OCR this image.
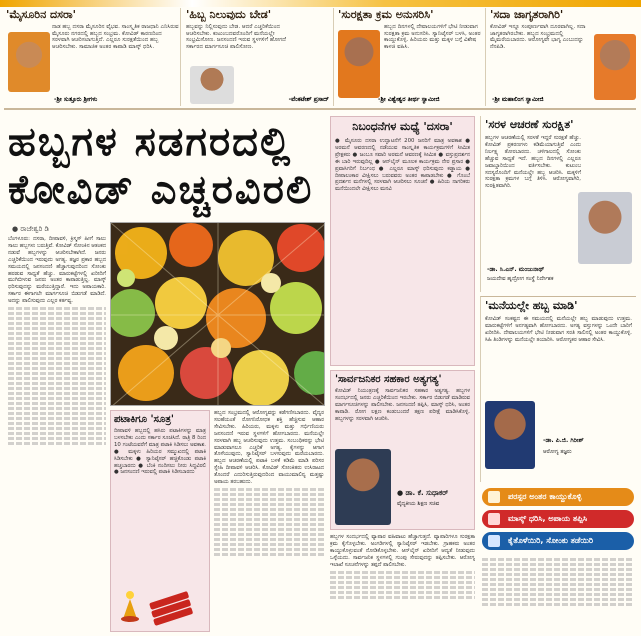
'ಮೈಸೂರಿನ ದಸರಾ'
ನಾಡ ಹಬ್ಬ ದಸರಾ ಮೈಸೂರಿನ ವೈಭವ. ಸಾಂಸ್ಕೃತಿಕ ರಾಜಧಾನಿ ಎನಿಸಿರುವ ಮೈಸೂರು ನಗರದಲ್ಲಿ ಹಬ್ಬದ ಸಂಭ್ರಮ. ಕೋವಿಡ್ ಕಾರಣದಿಂದ ಸರಳವಾಗಿ ಆಚರಿಸಲಾಗುತ್ತಿದೆ. ಎಲ್ಲರೂ ಸುರಕ್ಷತೆಯಿಂದ ಹಬ್ಬ ಆಚರಿಸಬೇಕು. ಸಾಮಾಜಿಕ ಅಂತರ ಕಾಪಾಡಿ ಮಾಸ್ಕ್ ಧರಿಸಿ.
-ಶ್ರೀ ಸುತ್ತೂರು ಶ್ರೀಗಳು
'ಹಿಬ್ಬ ನಿಲುವುದು ಬೇಡ'
ಹಬ್ಬವನ್ನು ನಿಲ್ಲಿಸುವುದು ಬೇಡ. ಆದರೆ ಎಚ್ಚರಿಕೆಯಿಂದ ಆಚರಿಸಬೇಕು. ಕುಟುಂಬದವರೊಂದಿಗೆ ಮನೆಯಲ್ಲೇ ಸಂಭ್ರಮಿಸೋಣ. ಜನಸಂದಣಿ ಇರುವ ಸ್ಥಳಗಳಿಗೆ ಹೋಗದೆ ಸರ್ಕಾರದ ಮಾರ್ಗಸೂಚಿ ಪಾಲಿಸೋಣ.
-ವೆಂಕಟೇಶ್ ಪ್ರಸಾದ್
'ಸುರಕ್ಷತಾ ಕ್ರಮ ಅನುಸರಿಸಿ'
ಹಬ್ಬದ ದಿನಗಳಲ್ಲಿ ದೇವಾಲಯಗಳಿಗೆ ಭೇಟಿ ನೀಡುವಾಗ ಸುರಕ್ಷತಾ ಕ್ರಮ ಅನುಸರಿಸಿ. ಸ್ಯಾನಿಟೈಸರ್ ಬಳಸಿ, ಅಂತರ ಕಾಯ್ದುಕೊಳ್ಳಿ. ಹಿರಿಯರು ಮತ್ತು ಮಕ್ಕಳ ಬಗ್ಗೆ ವಿಶೇಷ ಕಾಳಜಿ ವಹಿಸಿ.
-ಶ್ರೀ ವಿಶ್ವೇಶ್ವರ ತೀರ್ಥ ಸ್ವಾಮೀಜಿ
'ಸದಾ ಜಾಗೃತರಾಗಿರಿ'
ಕೋವಿಡ್ ಇನ್ನೂ ಸಂಪೂರ್ಣವಾಗಿ ದೂರವಾಗಿಲ್ಲ. ಸದಾ ಜಾಗೃತರಾಗಿರಬೇಕು. ಹಬ್ಬದ ಸಂಭ್ರಮದಲ್ಲಿ ಮೈಮರೆಯಬಾರದು. ಆರೋಗ್ಯವೇ ಭಾಗ್ಯ ಎಂಬುದನ್ನು ನೆನಪಿಡಿ.
-ಶ್ರೀ ಮಹಾಲಿಂಗ ಸ್ವಾಮೀಜಿ
ಹಬ್ಬಗಳ ಸಡಗರದಲ್ಲಿ
ಕೋವಿಡ್ ಎಚ್ಚರವಿರಲಿ
● ರಾಜೇಶ್ವರಿ ಡಿ
ಬೆಂಗಳೂರು: ದಸರಾ, ದೀಪಾವಳಿ, ಕ್ರಿಸ್ಮಸ್ ಹೀಗೆ ಸಾಲು ಸಾಲು ಹಬ್ಬಗಳು ಬರುತ್ತಿವೆ. ಕೋವಿಡ್ ಸೋಂಕಿನ ಆತಂಕದ ನಡುವೆ ಹಬ್ಬಗಳನ್ನು ಆಚರಿಸಬೇಕಾಗಿದೆ. ಜನರು ಎಚ್ಚರಿಕೆಯಿಂದ ಇರುವುದು ಅಗತ್ಯ. ತಜ್ಞರ ಪ್ರಕಾರ ಹಬ್ಬದ ಸಮಯದಲ್ಲಿ ಜನಸಂದಣಿ ಹೆಚ್ಚಾಗುವುದರಿಂದ ಸೋಂಕು ಹರಡುವ ಸಾಧ್ಯತೆ ಹೆಚ್ಚು. ಮಾರುಕಟ್ಟೆಗಳಲ್ಲಿ ಖರೀದಿಗೆ ಮುಗಿಬೀಳುವ ಜನರು ಅಂತರ ಕಾಪಾಡುತ್ತಿಲ್ಲ. ಮಾಸ್ಕ್ ಧರಿಸುವುದನ್ನು ಮರೆಯುತ್ತಿದ್ದಾರೆ. ಇದು ಅಪಾಯಕಾರಿ. ಸರ್ಕಾರ ಈಗಾಗಲೇ ಮಾರ್ಗಸೂಚಿ ಬಿಡುಗಡೆ ಮಾಡಿದೆ. ಅದನ್ನು ಪಾಲಿಸುವುದು ಎಲ್ಲರ ಕರ್ತವ್ಯ.
ಪಟಾಕಿಗೂ 'ಸೂತ್ರ'
ದೀಪಾವಳಿ ಹಬ್ಬದಲ್ಲಿ ಹಸಿರು ಪಟಾಕಿಗಳನ್ನು ಮಾತ್ರ ಬಳಸಬೇಕು ಎಂದು ಸರ್ಕಾರ ಸೂಚಿಸಿದೆ. ರಾತ್ರಿ 8 ರಿಂದ 10 ಗಂಟೆಯವರೆಗೆ ಮಾತ್ರ ಪಟಾಕಿ ಸಿಡಿಸಲು ಅವಕಾಶ. ● ಮಕ್ಕಳು ಹಿರಿಯರ ಸಮ್ಮುಖದಲ್ಲಿ ಪಟಾಕಿ ಸಿಡಿಸಬೇಕು ● ಸ್ಯಾನಿಟೈಸರ್ ಹಚ್ಚಿಕೊಂಡು ಪಟಾಕಿ ಹಚ್ಚಬಾರದು ● ಬೆಂಕಿ ನಂದಿಸಲು ನೀರು ಸಿದ್ಧವಿರಲಿ ● ಜನಸಂದಣಿ ಇರುವಲ್ಲಿ ಪಟಾಕಿ ಸಿಡಿಸಬಾರದು
ಹಬ್ಬದ ಸಂಭ್ರಮದಲ್ಲಿ ಆರೋಗ್ಯವನ್ನು ಕಡೆಗಣಿಸಬಾರದು. ವೈದ್ಯರ ಸಲಹೆಯಂತೆ ರೋಗನಿರೋಧಕ ಶಕ್ತಿ ಹೆಚ್ಚಿಸುವ ಆಹಾರ ಸೇವಿಸಬೇಕು. ಹಿರಿಯರು, ಮಕ್ಕಳು ಮತ್ತು ಗರ್ಭಿಣಿಯರು ಜನಸಂದಣಿ ಇರುವ ಸ್ಥಳಗಳಿಗೆ ಹೋಗಬಾರದು. ಮನೆಯಲ್ಲೇ ಸರಳವಾಗಿ ಹಬ್ಬ ಆಚರಿಸುವುದು ಉತ್ತಮ. ಸಂಬಂಧಿಕರನ್ನು ಭೇಟಿ ಮಾಡುವಾಗಲೂ ಎಚ್ಚರಿಕೆ ಅಗತ್ಯ. ಕೈಗಳನ್ನು ಆಗಾಗ ತೊಳೆಯುವುದು, ಸ್ಯಾನಿಟೈಸರ್ ಬಳಸುವುದು ಮರೆಯಬಾರದು. ಹಬ್ಬದ ಆಚರಣೆಯಲ್ಲಿ ಪಟಾಕಿ ಬಳಕೆ ಕಡಿಮೆ ಮಾಡಿ ಪರಿಸರ ಸ್ನೇಹಿ ದೀಪಾವಳಿ ಆಚರಿಸಿ. ಕೋವಿಡ್ ಸೋಂಕಿತರು ಉಸಿರಾಟದ ತೊಂದರೆ ಎದುರಿಸುತ್ತಿರುವುದರಿಂದ ವಾಯುಮಾಲಿನ್ಯ ಮತ್ತಷ್ಟು ಅಪಾಯ ತರಬಹುದು.
ನಿಬಂಧನೆಗಳ ಮಧ್ಯೆ 'ದಸರಾ'
● ಮೈಸೂರು ದಸರಾ ಉದ್ಘಾಟನೆಗೆ 200 ಜನರಿಗೆ ಮಾತ್ರ ಅವಕಾಶ ● ಅರಮನೆ ಆವರಣದಲ್ಲಿ ನಡೆಯುವ ಸಾಂಸ್ಕೃತಿಕ ಕಾರ್ಯಕ್ರಮಗಳಿಗೆ ಸೀಮಿತ ಪ್ರೇಕ್ಷಕರು ● ಜಂಬೂ ಸವಾರಿ ಅರಮನೆ ಆವರಣಕ್ಕೆ ಸೀಮಿತ ● ವಸ್ತುಪ್ರದರ್ಶನ ಈ ಬಾರಿ ಇರುವುದಿಲ್ಲ ● ಆನ್‌ಲೈನ್ ಮೂಲಕ ಕಾರ್ಯಕ್ರಮ ನೇರ ಪ್ರಸಾರ ● ಪ್ರವಾಸಿಗರಿಗೆ ನಿರ್ಬಂಧ ● ಎಲ್ಲರೂ ಮಾಸ್ಕ್ ಧರಿಸುವುದು ಕಡ್ಡಾಯ ● ದೀಪಾಲಂಕಾರ ವೀಕ್ಷಿಸಲು ಬರುವವರು ಅಂತರ ಕಾಪಾಡಬೇಕು ● ಗೊಂಬೆ ಪ್ರದರ್ಶನ ಮನೆಗಳಲ್ಲಿ ಸರಳವಾಗಿ ಆಚರಿಸಲು ಸೂಚನೆ ● ಹಿರಿಯ ನಾಗರಿಕರು ಮನೆಯಿಂದಲೇ ವೀಕ್ಷಿಸಲು ಮನವಿ
'ಸಾರ್ವಜನಿಕರ ಸಹಕಾರ ಅತ್ಯಗತ್ಯ'
ಕೋವಿಡ್ ನಿಯಂತ್ರಣಕ್ಕೆ ಸಾರ್ವಜನಿಕರ ಸಹಕಾರ ಅತ್ಯಗತ್ಯ. ಹಬ್ಬಗಳ ಸಂದರ್ಭದಲ್ಲಿ ಜನರು ಎಚ್ಚರಿಕೆಯಿಂದ ಇರಬೇಕು. ಸರ್ಕಾರ ಬಿಡುಗಡೆ ಮಾಡಿರುವ ಮಾರ್ಗಸೂಚಿಗಳನ್ನು ಪಾಲಿಸಬೇಕು. ಜನಸಂದಣಿ ತಪ್ಪಿಸಿ, ಮಾಸ್ಕ್ ಧರಿಸಿ, ಅಂತರ ಕಾಪಾಡಿ. ರೋಗ ಲಕ್ಷಣ ಕಂಡುಬಂದರೆ ತಕ್ಷಣ ಪರೀಕ್ಷೆ ಮಾಡಿಸಿಕೊಳ್ಳಿ. ಹಬ್ಬಗಳನ್ನು ಸರಳವಾಗಿ ಆಚರಿಸಿ.
● ಡಾ. ಕೆ. ಸುಧಾಕರ್
ವೈದ್ಯಕೀಯ ಶಿಕ್ಷಣ ಸಚಿವ
ಹಬ್ಬಗಳ ಸಂದರ್ಭದಲ್ಲಿ ವ್ಯಾಪಾರ ವಹಿವಾಟು ಹೆಚ್ಚಾಗುತ್ತದೆ. ವ್ಯಾಪಾರಿಗಳೂ ಸುರಕ್ಷತಾ ಕ್ರಮ ಕೈಗೊಳ್ಳಬೇಕು. ಅಂಗಡಿಗಳಲ್ಲಿ ಸ್ಯಾನಿಟೈಸರ್ ಇಡಬೇಕು. ಗ್ರಾಹಕರು ಅಂತರ ಕಾಯ್ದುಕೊಳ್ಳುವಂತೆ ನೋಡಿಕೊಳ್ಳಬೇಕು. ಆನ್‌ಲೈನ್ ಖರೀದಿಗೆ ಆದ್ಯತೆ ನೀಡುವುದು ಒಳ್ಳೆಯದು. ಸಾರ್ವಜನಿಕ ಸ್ಥಳಗಳಲ್ಲಿ ಗುಂಪು ಸೇರುವುದನ್ನು ತಪ್ಪಿಸಬೇಕು. ಆರೋಗ್ಯ ಇಲಾಖೆ ಸೂಚನೆಗಳನ್ನು ತಪ್ಪದೆ ಪಾಲಿಸಬೇಕು.
'ಸರಳ ಆಚರಣೆ ಸುರಕ್ಷಿತ'
ಹಬ್ಬಗಳ ಆಚರಣೆಯಲ್ಲಿ ಸರಳತೆ ಇದ್ದರೆ ಸುರಕ್ಷತೆ ಹೆಚ್ಚು. ಕೋವಿಡ್ ಪ್ರಕರಣಗಳು ಕಡಿಮೆಯಾಗುತ್ತಿವೆ ಎಂದು ನಿರ್ಲಕ್ಷ್ಯ ತೋರಬಾರದು. ಚಳಿಗಾಲದಲ್ಲಿ ಸೋಂಕು ಹೆಚ್ಚುವ ಸಾಧ್ಯತೆ ಇದೆ. ಹಬ್ಬದ ದಿನಗಳಲ್ಲಿ ಎಲ್ಲರೂ ಜವಾಬ್ದಾರಿಯಿಂದ ವರ್ತಿಸಬೇಕು. ಕುಟುಂಬ ಸದಸ್ಯರೊಂದಿಗೆ ಮನೆಯಲ್ಲೇ ಹಬ್ಬ ಆಚರಿಸಿ. ಮಕ್ಕಳಿಗೆ ಸುರಕ್ಷತಾ ಕ್ರಮಗಳ ಬಗ್ಗೆ ತಿಳಿಸಿ. ಆರೋಗ್ಯವಾಗಿರಿ, ಸುರಕ್ಷಿತವಾಗಿರಿ.
-ಡಾ. ಸಿ.ಎನ್. ಮಂಜುನಾಥ್
ಜಯದೇವ ಹೃದ್ರೋಗ ಸಂಸ್ಥೆ ನಿರ್ದೇಶಕ
'ಮನೆಯಲ್ಲೇ ಹಬ್ಬ ಮಾಡಿ'
ಕೋವಿಡ್ ಸಂಕಷ್ಟದ ಈ ಸಮಯದಲ್ಲಿ ಮನೆಯಲ್ಲೇ ಹಬ್ಬ ಮಾಡುವುದು ಉತ್ತಮ. ಮಾರುಕಟ್ಟೆಗಳಿಗೆ ಅನಗತ್ಯವಾಗಿ ಹೋಗಬಾರದು. ಅಗತ್ಯ ವಸ್ತುಗಳನ್ನು ಒಂದೇ ಬಾರಿಗೆ ಖರೀದಿಸಿ. ದೇವಾಲಯಗಳಿಗೆ ಭೇಟಿ ನೀಡುವಾಗ ಸರತಿ ಸಾಲಿನಲ್ಲಿ ಅಂತರ ಕಾಯ್ದುಕೊಳ್ಳಿ. ಸಿಹಿ ತಿಂಡಿಗಳನ್ನು ಮನೆಯಲ್ಲೇ ತಯಾರಿಸಿ. ಆರೋಗ್ಯಕರ ಆಹಾರ ಸೇವಿಸಿ.
-ಡಾ. ಪಿ.ಜಿ. ಗಿರೀಶ್
ಆರೋಗ್ಯ ತಜ್ಞರು
ಪರಸ್ಪರ ಅಂತರ ಕಾಯ್ದುಕೊಳ್ಳಿ
ಮಾಸ್ಕ್ ಧರಿಸಿ, ಅಪಾಯ ತಪ್ಪಿಸಿ
ಕೈತೊಳೆಯಿರಿ, ಸೋಂಕು ತಡೆಯಿರಿ
